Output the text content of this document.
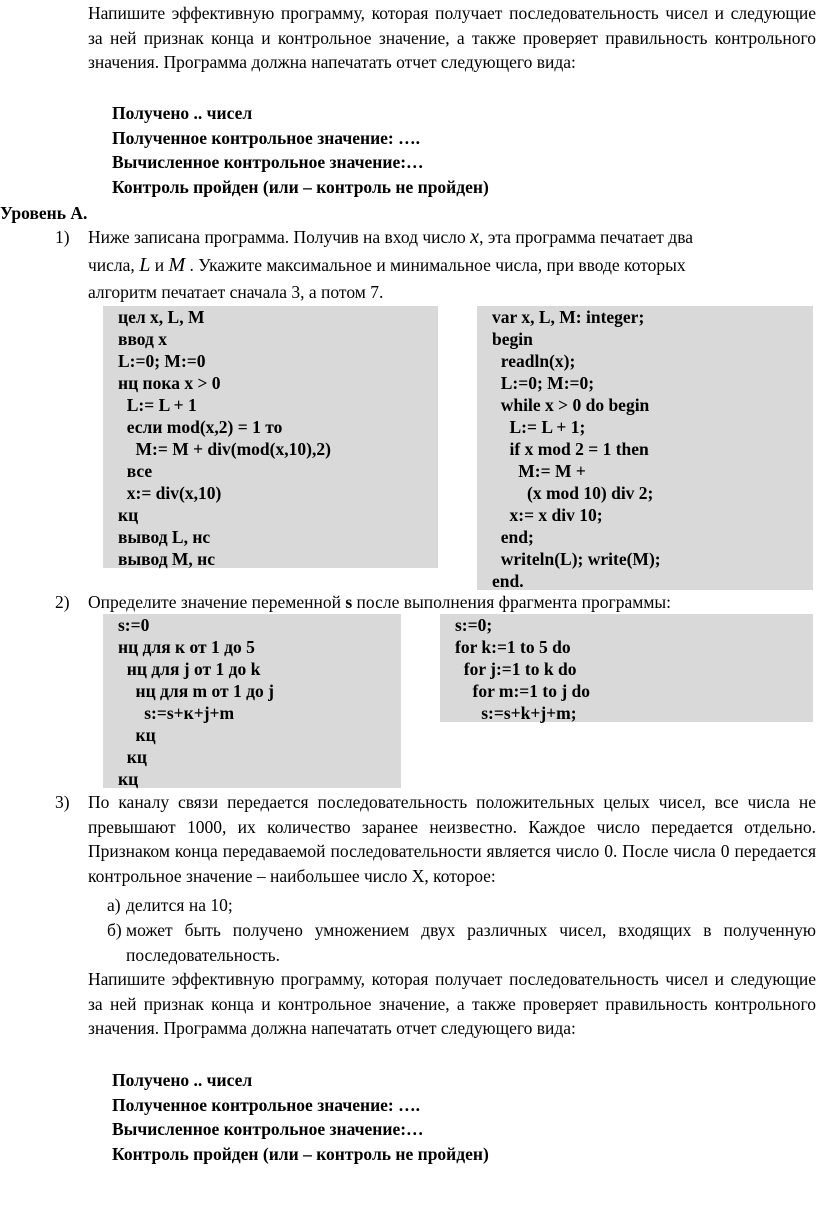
Напишите эффективную программу, которая получает последовательность чисел и следующие за ней признак конца и контрольное значение, а также проверяет правильность контрольного значения. Программа должна напечатать отчет следующего вида:

Получено .. чисел
Полученное контрольное значение: ….
Вычисленное контрольное значение:…
Контроль пройден (или – контроль не пройден)
Уровень А.
1) Ниже записана программа. Получив на вход число x, эта программа печатает два
числа, L и M . Укажите максимальное и минимальное числа, при вводе которых
алгоритм печатает сначала 3, а потом 7.
цел x, L, M
ввод x
L:=0; M:=0
нц пока x > 0
L:= L + 1
если mod(x,2) = 1 то
M:= M + div(mod(x,10),2)
все
x:= div(x,10)
кц
вывод L, нс
вывод M, нс
var x, L, M: integer;
begin
readln(x);
L:=0; M:=0;
while x > 0 do begin
L:= L + 1;
if x mod 2 = 1 then
M:= M +
(x mod 10) div 2;
x:= x div 10;
end;
writeln(L); write(M);
end.
2) Определите значение переменной s после выполнения фрагмента программы:
s:=0
нц для к от 1 до 5
нц для j от 1 до k
нц для m от 1 до j
s:=s+к+j+m
кц
кц
кц
s:=0;
for k:=1 to 5 do
for j:=1 to k do
for m:=1 to j do
s:=s+k+j+m;
3) По каналу связи передается последовательность положительных целых чисел, все числа не превышают 1000, их количество заранее неизвестно. Каждое число передается отдельно. Признаком конца передаваемой последовательности является число 0. После числа 0 передается контрольное значение – наибольшее число X, которое:

а) делится на 10;
б) может быть получено умножением двух различных чисел, входящих в полученную последовательность.

Напишите эффективную программу, которая получает последовательность чисел и следующие за ней признак конца и контрольное значение, а также проверяет правильность контрольного значения. Программа должна напечатать отчет следующего вида:

Получено .. чисел
Полученное контрольное значение: ….
Вычисленное контрольное значение:…
Контроль пройден (или – контроль не пройден)
